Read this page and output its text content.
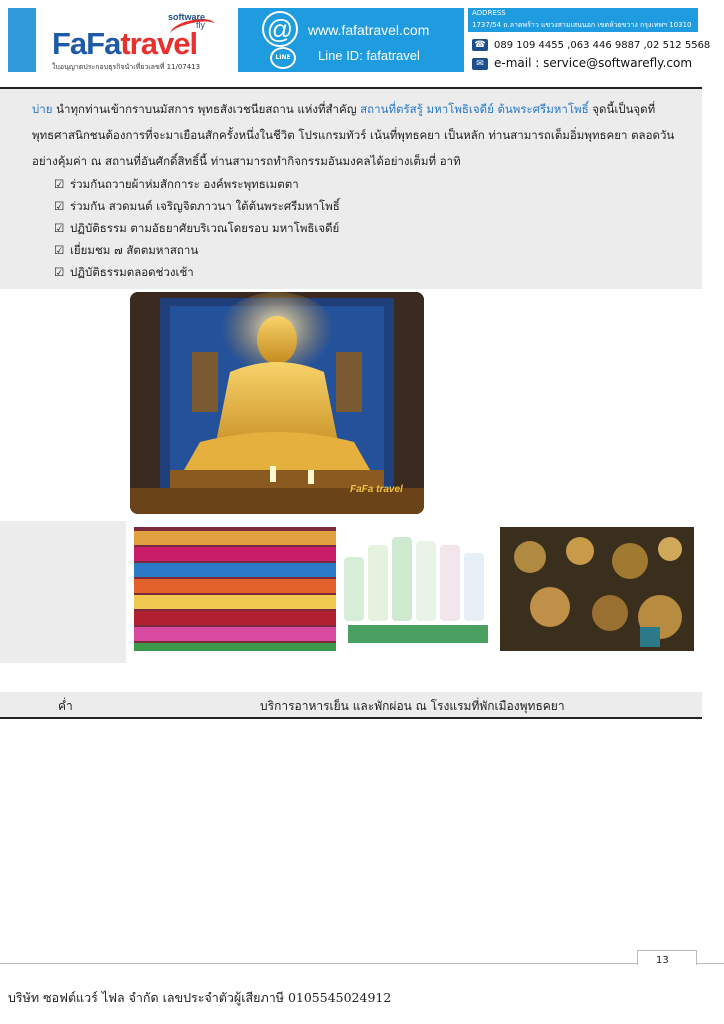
software
fly
FaFatravel
ใบอนุญาตประกอบธุรกิจนำเที่ยวเลขที่ 11/07413
@
LINE
www.fafatravel.com
Line ID: fafatravel
ADDRESS
1737/54 ถ.ลาดพร้าว แขวงสามเสนนอก เขตห้วยขวาง กรุงเทพฯ 10310
☎ 089 109 4455 ,063 446 9887 ,02 512 5568
✉ e-mail : service@softwarefly.com
บ่าย นำทุกท่านเข้ากราบนมัสการ พุทธสังเวชนียสถาน แห่งที่สำคัญ สถานที่ตรัสรู้ มหาโพธิเจดีย์ ต้นพระศรีมหาโพธิ์ จุดนี้เป็นจุดที่พุทธศาสนิกชนต้องการที่จะมาเยือนสักครั้งหนึ่งในชีวิต โปรแกรมทัวร์ เน้นที่พุทธคยา เป็นหลัก ท่านสามารถเต็มอิ่มพุทธคยา ตลอดวันอย่างคุ้มค่า ณ สถานที่อันศักดิ์สิทธิ์นี้ ท่านสามารถทำกิจกรรมอันมงคลได้อย่างเต็มที่ อาทิ
☑ ร่วมกันถวายผ้าห่มสักการะ องค์พระพุทธเมตตา
☑ ร่วมกัน สวดมนต์ เจริญจิตภาวนา ใต้ต้นพระศรีมหาโพธิ์
☑ ปฏิบัติธรรม ตามอัธยาศัยบริเวณโดยรอบ มหาโพธิเจดีย์
☑ เยี่ยมชม ๗ สัตตมหาสถาน
☑ ปฏิบัติธรรมตลอดช่วงเช้า
FaFa travel
ค่ำ	บริการอาหารเย็น และพักผ่อน ณ โรงแรมที่พักเมืองพุทธคยา
13
บริษัท ซอฟต์แวร์ ไฟล จำกัด เลขประจำตัวผู้เสียภาษี 0105545024912
